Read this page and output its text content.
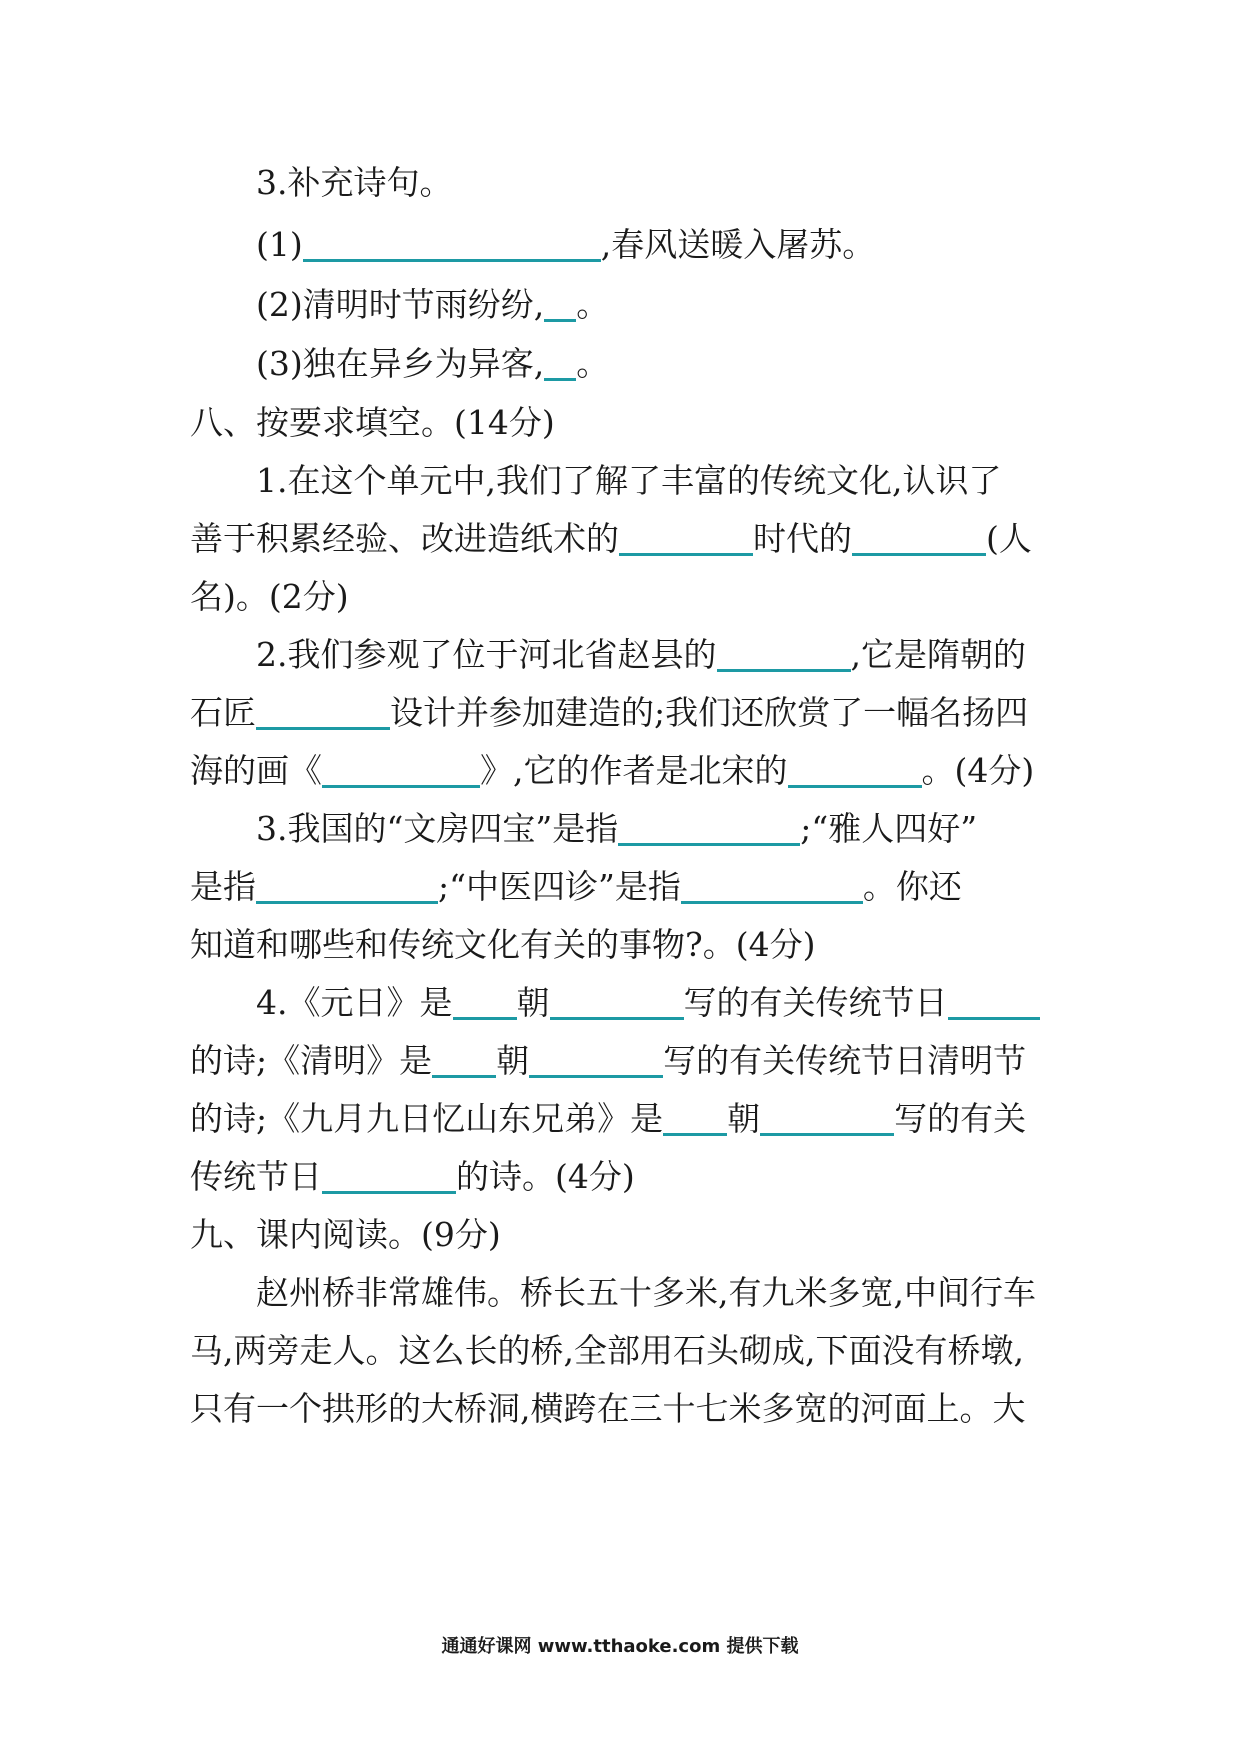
3.补充诗句。
(1)	,春风送暖入屠苏。
(2)清明时节雨纷纷, 。
(3)独在异乡为异客, 。
八、按要求填空。(14分)
1.在这个单元中,我们了解了丰富的传统文化,认识了
善于积累经验、改进造纸术的	时代的	(人
名)。(2分)
2.我们参观了位于河北省赵县的	,它是隋朝的
石匠	设计并参加建造的;我们还欣赏了一幅名扬四
海的画《	》,它的作者是北宋的	。(4分)
3.我国的“文房四宝”是指	;“雅人四好”
是指	;“中医四诊”是指	。你还
知道和哪些和传统文化有关的事物?。(4分)
4.《元日》是 朝	写的有关传统节日
的诗;《清明》是 朝	写的有关传统节日清明节
的诗;《九月九日忆山东兄弟》是 朝	写的有关
传统节日	的诗。(4分)
九、课内阅读。(9分)
赵州桥非常雄伟。桥长五十多米,有九米多宽,中间行车
马,两旁走人。这么长的桥,全部用石头砌成,下面没有桥墩,
只有一个拱形的大桥洞,横跨在三十七米多宽的河面上。大
通通好课网 www.tthaoke.com 提供下载
